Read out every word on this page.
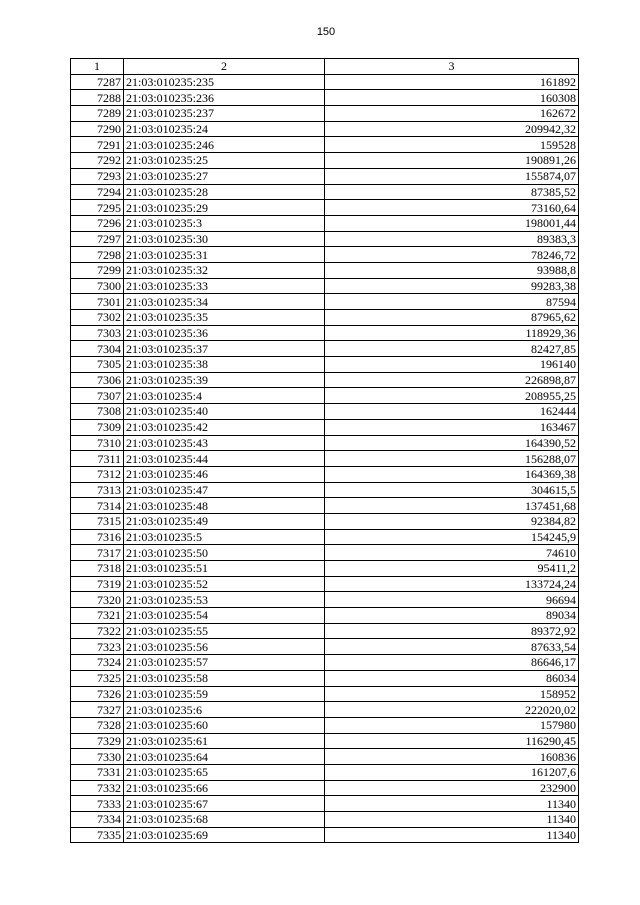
150
1	2	3
7287	21:03:010235:235	161892
7288	21:03:010235:236	160308
7289	21:03:010235:237	162672
7290	21:03:010235:24	209942,32
7291	21:03:010235:246	159528
7292	21:03:010235:25	190891,26
7293	21:03:010235:27	155874,07
7294	21:03:010235:28	87385,52
7295	21:03:010235:29	73160,64
7296	21:03:010235:3	198001,44
7297	21:03:010235:30	89383,3
7298	21:03:010235:31	78246,72
7299	21:03:010235:32	93988,8
7300	21:03:010235:33	99283,38
7301	21:03:010235:34	87594
7302	21:03:010235:35	87965,62
7303	21:03:010235:36	118929,36
7304	21:03:010235:37	82427,85
7305	21:03:010235:38	196140
7306	21:03:010235:39	226898,87
7307	21:03:010235:4	208955,25
7308	21:03:010235:40	162444
7309	21:03:010235:42	163467
7310	21:03:010235:43	164390,52
7311	21:03:010235:44	156288,07
7312	21:03:010235:46	164369,38
7313	21:03:010235:47	304615,5
7314	21:03:010235:48	137451,68
7315	21:03:010235:49	92384,82
7316	21:03:010235:5	154245,9
7317	21:03:010235:50	74610
7318	21:03:010235:51	95411,2
7319	21:03:010235:52	133724,24
7320	21:03:010235:53	96694
7321	21:03:010235:54	89034
7322	21:03:010235:55	89372,92
7323	21:03:010235:56	87633,54
7324	21:03:010235:57	86646,17
7325	21:03:010235:58	86034
7326	21:03:010235:59	158952
7327	21:03:010235:6	222020,02
7328	21:03:010235:60	157980
7329	21:03:010235:61	116290,45
7330	21:03:010235:64	160836
7331	21:03:010235:65	161207,6
7332	21:03:010235:66	232900
7333	21:03:010235:67	11340
7334	21:03:010235:68	11340
7335	21:03:010235:69	11340
